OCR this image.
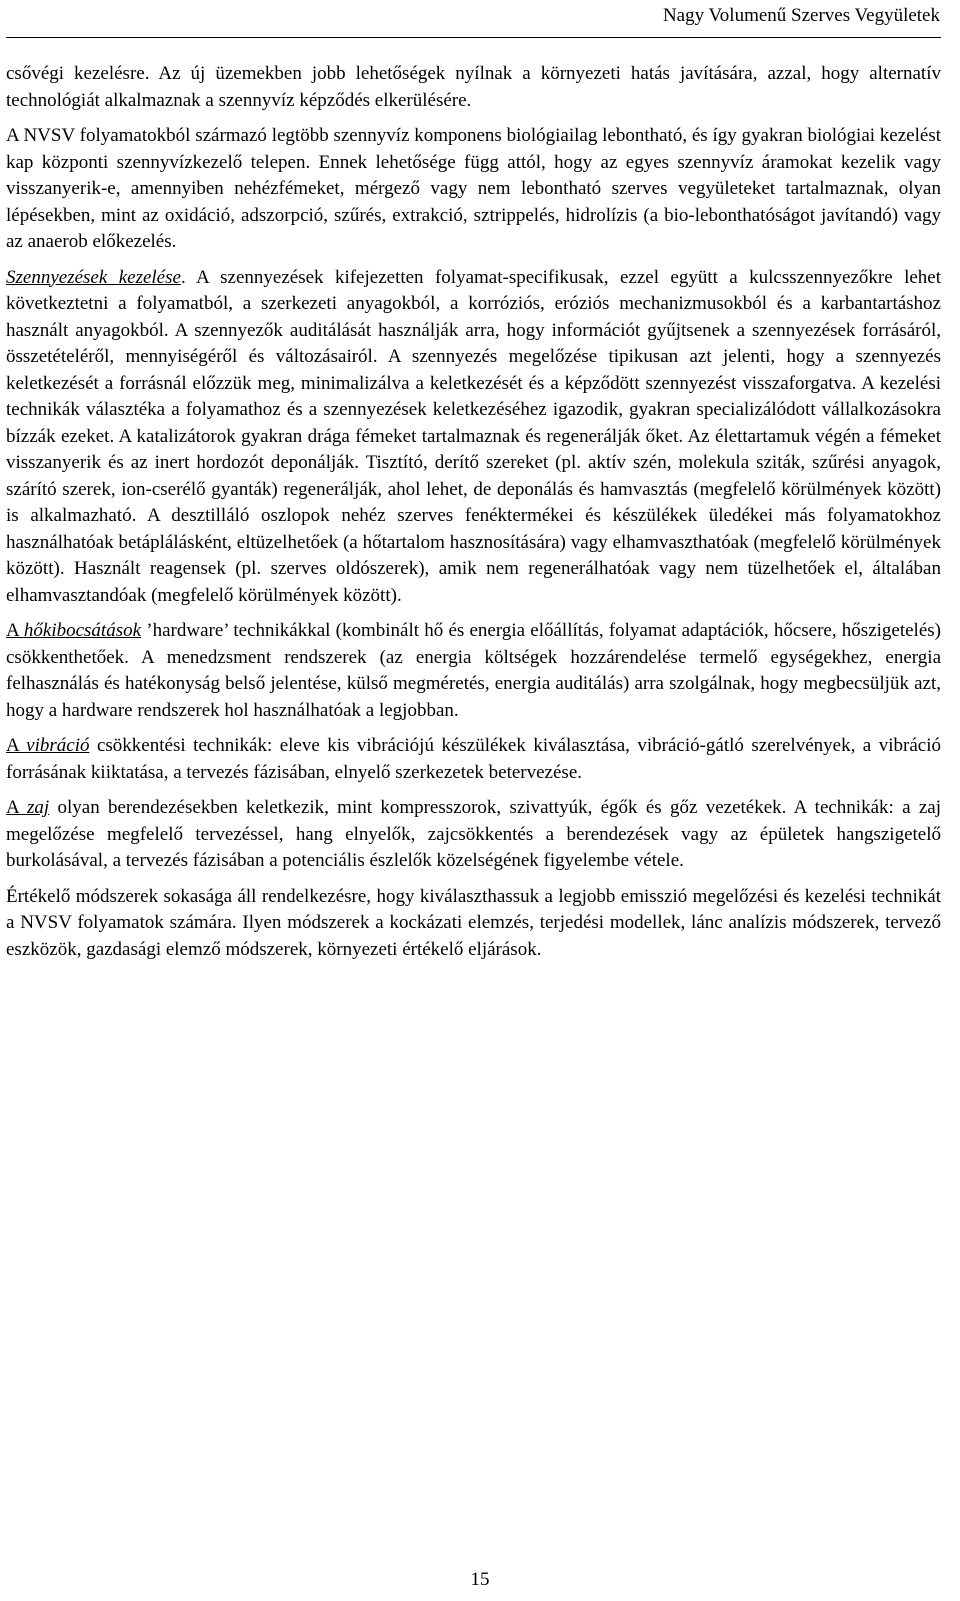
Nagy Volumenű Szerves Vegyületek

csővégi kezelésre. Az új üzemekben jobb lehetőségek nyílnak a környezeti hatás javítására, azzal, hogy alternatív technológiát alkalmaznak a szennyvíz képződés elkerülésére.

A NVSV folyamatokból származó legtöbb szennyvíz komponens biológiailag lebontható, és így gyakran biológiai kezelést kap központi szennyvízkezelő telepen. Ennek lehetősége függ attól, hogy az egyes szennyvíz áramokat kezelik vagy visszanyerik-e, amennyiben nehézfémeket, mérgező vagy nem lebontható szerves vegyületeket tartalmaznak, olyan lépésekben, mint az oxidáció, adszorpció, szűrés, extrakció, sztrippelés, hidrolízis (a bio-lebonthatóságot javítandó) vagy az anaerob előkezelés.

Szennyezések kezelése. A szennyezések kifejezetten folyamat-specifikusak, ezzel együtt a kulcsszennyezőkre lehet következtetni a folyamatból, a szerkezeti anyagokból, a korróziós, eróziós mechanizmusokból és a karbantartáshoz használt anyagokból. A szennyezők auditálását használják arra, hogy információt gyűjtsenek a szennyezések forrásáról, összetételéről, mennyiségéről és változásairól. A szennyezés megelőzése tipikusan azt jelenti, hogy a szennyezés keletkezését a forrásnál előzzük meg, minimalizálva a keletkezését és a képződött szennyezést visszaforgatva. A kezelési technikák választéka a folyamathoz és a szennyezések keletkezéséhez igazodik, gyakran specializálódott vállalkozásokra bízzák ezeket. A katalizátorok gyakran drága fémeket tartalmaznak és regenerálják őket. Az élettartamuk végén a fémeket visszanyerik és az inert hordozót deponálják. Tisztító, derítő szereket (pl. aktív szén, molekula sziták, szűrési anyagok, szárító szerek, ion-cserélő gyanták) regenerálják, ahol lehet, de deponálás és hamvasztás (megfelelő körülmények között) is alkalmazható. A desztilláló oszlopok nehéz szerves fenéktermékei és készülékek üledékei más folyamatokhoz használhatóak betáplálásként, eltüzelhetőek (a hőtartalom hasznosítására) vagy elhamvaszthatóak (megfelelő körülmények között). Használt reagensek (pl. szerves oldószerek), amik nem regenerálhatóak vagy nem tüzelhetőek el, általában elhamvasztandóak (megfelelő körülmények között).

A hőkibocsátások ’hardware’ technikákkal (kombinált hő és energia előállítás, folyamat adaptációk, hőcsere, hőszigetelés) csökkenthetőek. A menedzsment rendszerek (az energia költségek hozzárendelése termelő egységekhez, energia felhasználás és hatékonyság belső jelentése, külső megméretés, energia auditálás) arra szolgálnak, hogy megbecsüljük azt, hogy a hardware rendszerek hol használhatóak a legjobban.

A vibráció csökkentési technikák: eleve kis vibrációjú készülékek kiválasztása, vibráció-gátló szerelvények, a vibráció forrásának kiiktatása, a tervezés fázisában, elnyelő szerkezetek betervezése.

A zaj olyan berendezésekben keletkezik, mint kompresszorok, szivattyúk, égők és gőz vezetékek. A technikák: a zaj megelőzése megfelelő tervezéssel, hang elnyelők, zajcsökkentés a berendezések vagy az épületek hangszigetelő burkolásával, a tervezés fázisában a potenciális észlelők közelségének figyelembe vétele.

Értékelő módszerek sokasága áll rendelkezésre, hogy kiválaszthassuk a legjobb emisszió megelőzési és kezelési technikát a NVSV folyamatok számára. Ilyen módszerek a kockázati elemzés, terjedési modellek, lánc analízis módszerek, tervező eszközök, gazdasági elemző módszerek, környezeti értékelő eljárások.

15
